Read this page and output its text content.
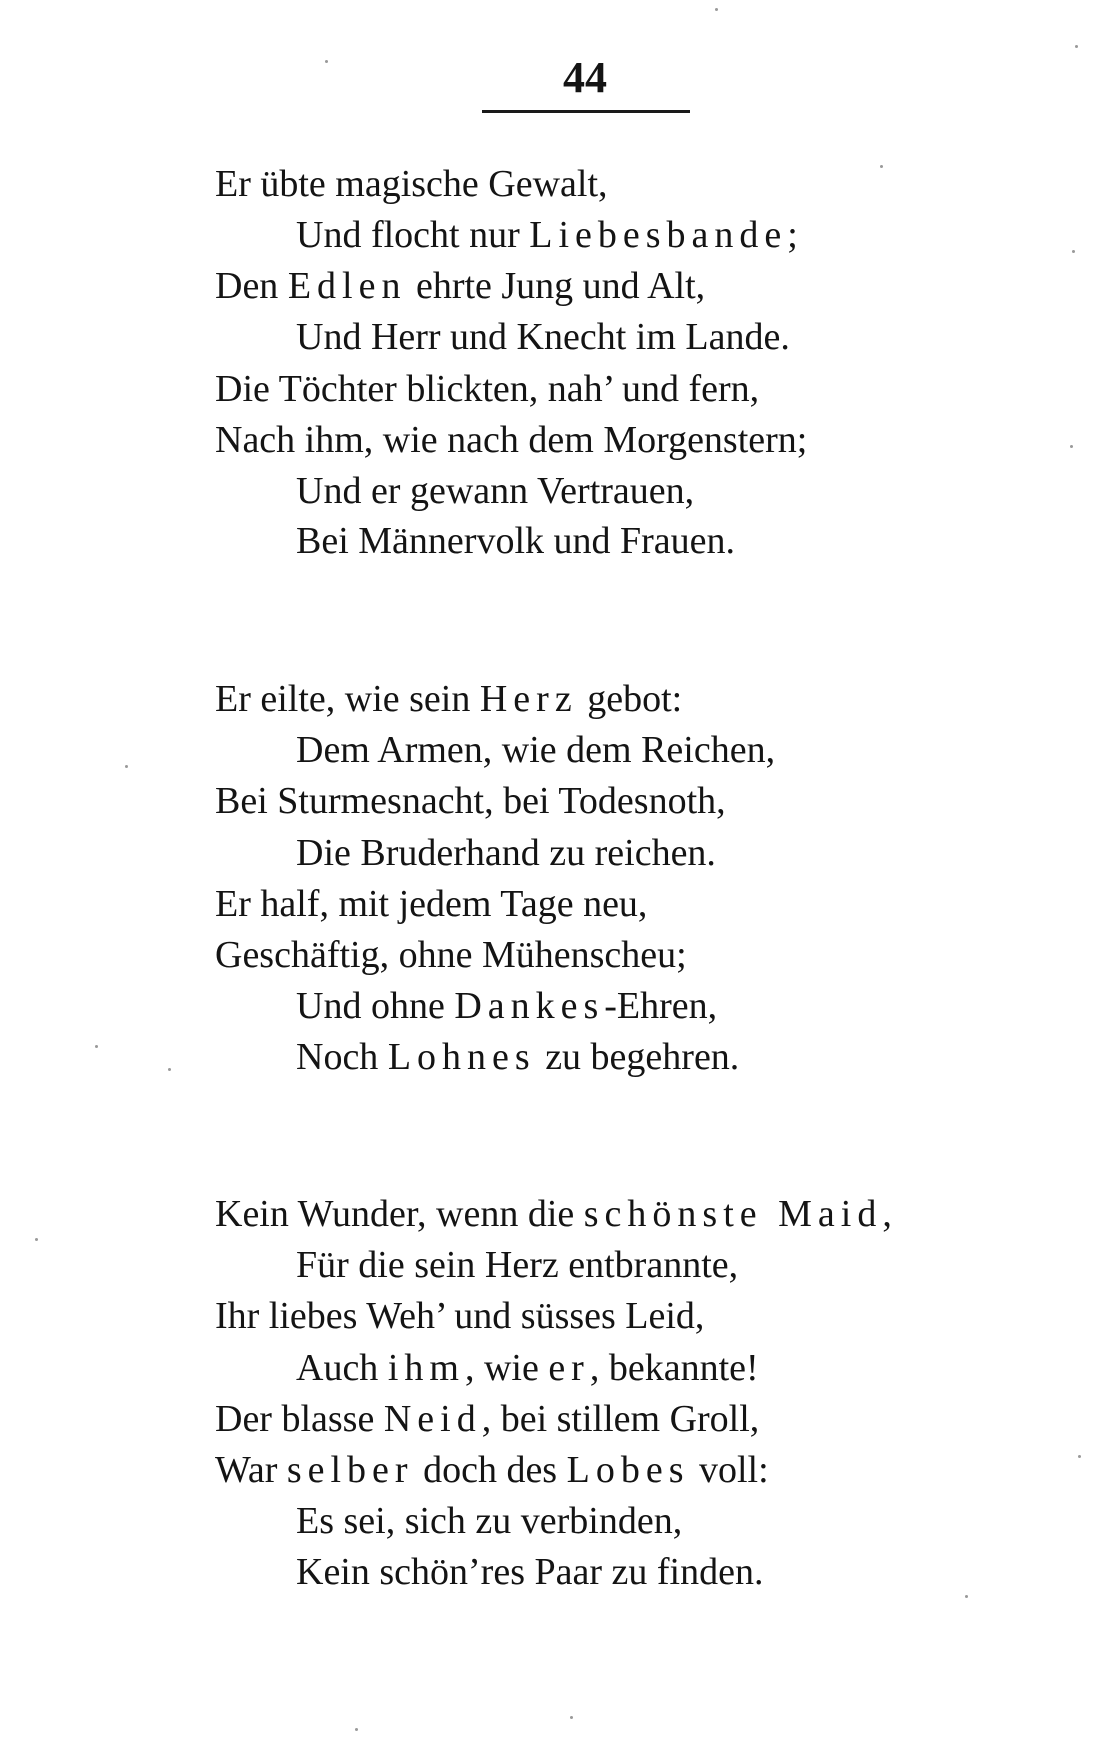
44
Er übte magische Gewalt,
Und flocht nur Liebesbande;
Den Edlen ehrte Jung und Alt,
Und Herr und Knecht im Lande.
Die Töchter blickten, nah’ und fern,
Nach ihm, wie nach dem Morgenstern;
Und er gewann Vertrauen,
Bei Männervolk und Frauen.
Er eilte, wie sein Herz gebot:
Dem Armen, wie dem Reichen,
Bei Sturmesnacht, bei Todesnoth,
Die Bruderhand zu reichen.
Er half, mit jedem Tage neu,
Geschäftig, ohne Mühenscheu;
Und ohne Dankes-Ehren,
Noch Lohnes zu begehren.
Kein Wunder, wenn die schönste Maid,
Für die sein Herz entbrannte,
Ihr liebes Weh’ und süsses Leid,
Auch ihm, wie er, bekannte!
Der blasse Neid, bei stillem Groll,
War selber doch des Lobes voll:
Es sei, sich zu verbinden,
Kein schön’res Paar zu finden.
